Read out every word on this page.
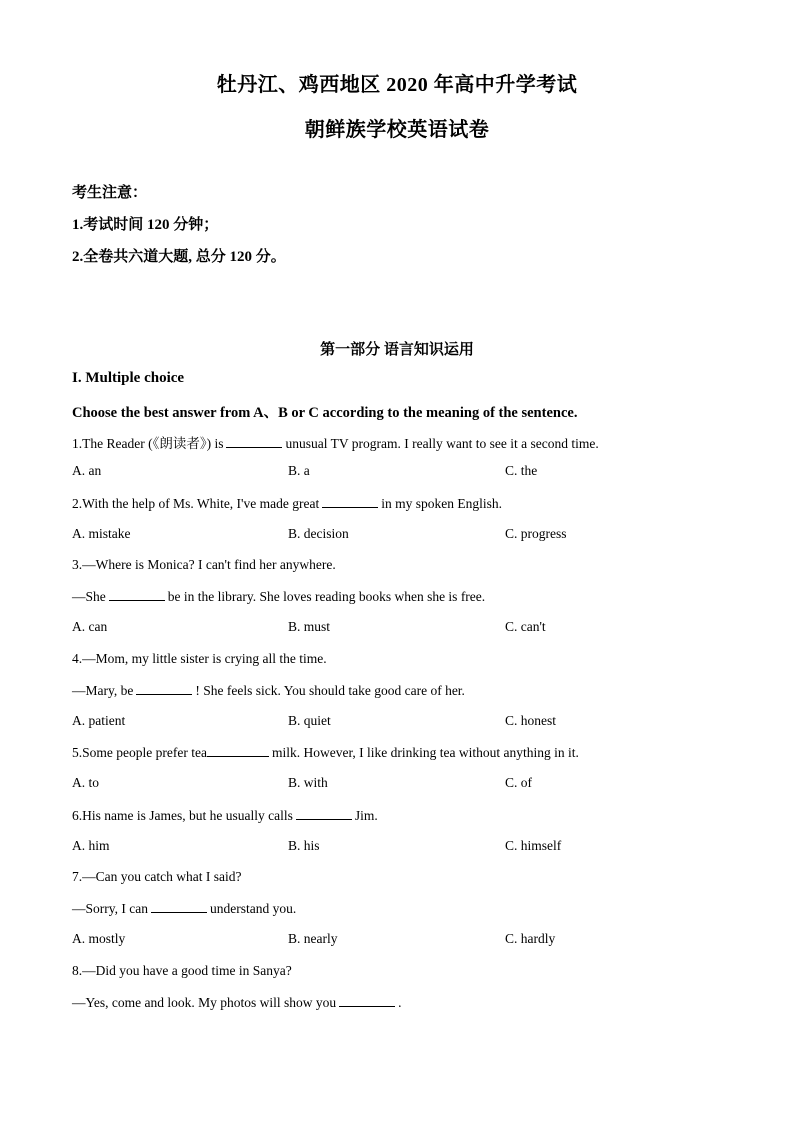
牡丹江、鸡西地区 2020 年高中升学考试
朝鲜族学校英语试卷
考生注意：
1.考试时间 120 分钟；
2.全卷共六道大题, 总分 120 分。
第一部分 语言知识运用
I. Multiple choice
Choose the best answer from A、B or C according to the meaning of the sentence.
1.The Reader (《朗读者》) is	unusual TV program. I really want to see it a second time.
A. an	B. a	C. the
2.With the help of Ms. White, I've made great	in my spoken English.
A. mistake	B. decision	C. progress
3.—Where is Monica? I can't find her anywhere.
—She	be in the library. She loves reading books when she is free.
A. can	B. must	C. can't
4.—Mom, my little sister is crying all the time.
—Mary, be	! She feels sick. You should take good care of her.
A. patient	B. quiet	C. honest
5.Some people prefer tea	milk. However, I like drinking tea without anything in it.
A. to	B. with	C. of
6.His name is James, but he usually calls	Jim.
A. him	B. his	C. himself
7.—Can you catch what I said?
—Sorry, I can	understand you.
A. mostly	B. nearly	C. hardly
8.—Did you have a good time in Sanya?
—Yes, come and look. My photos will show you	.
